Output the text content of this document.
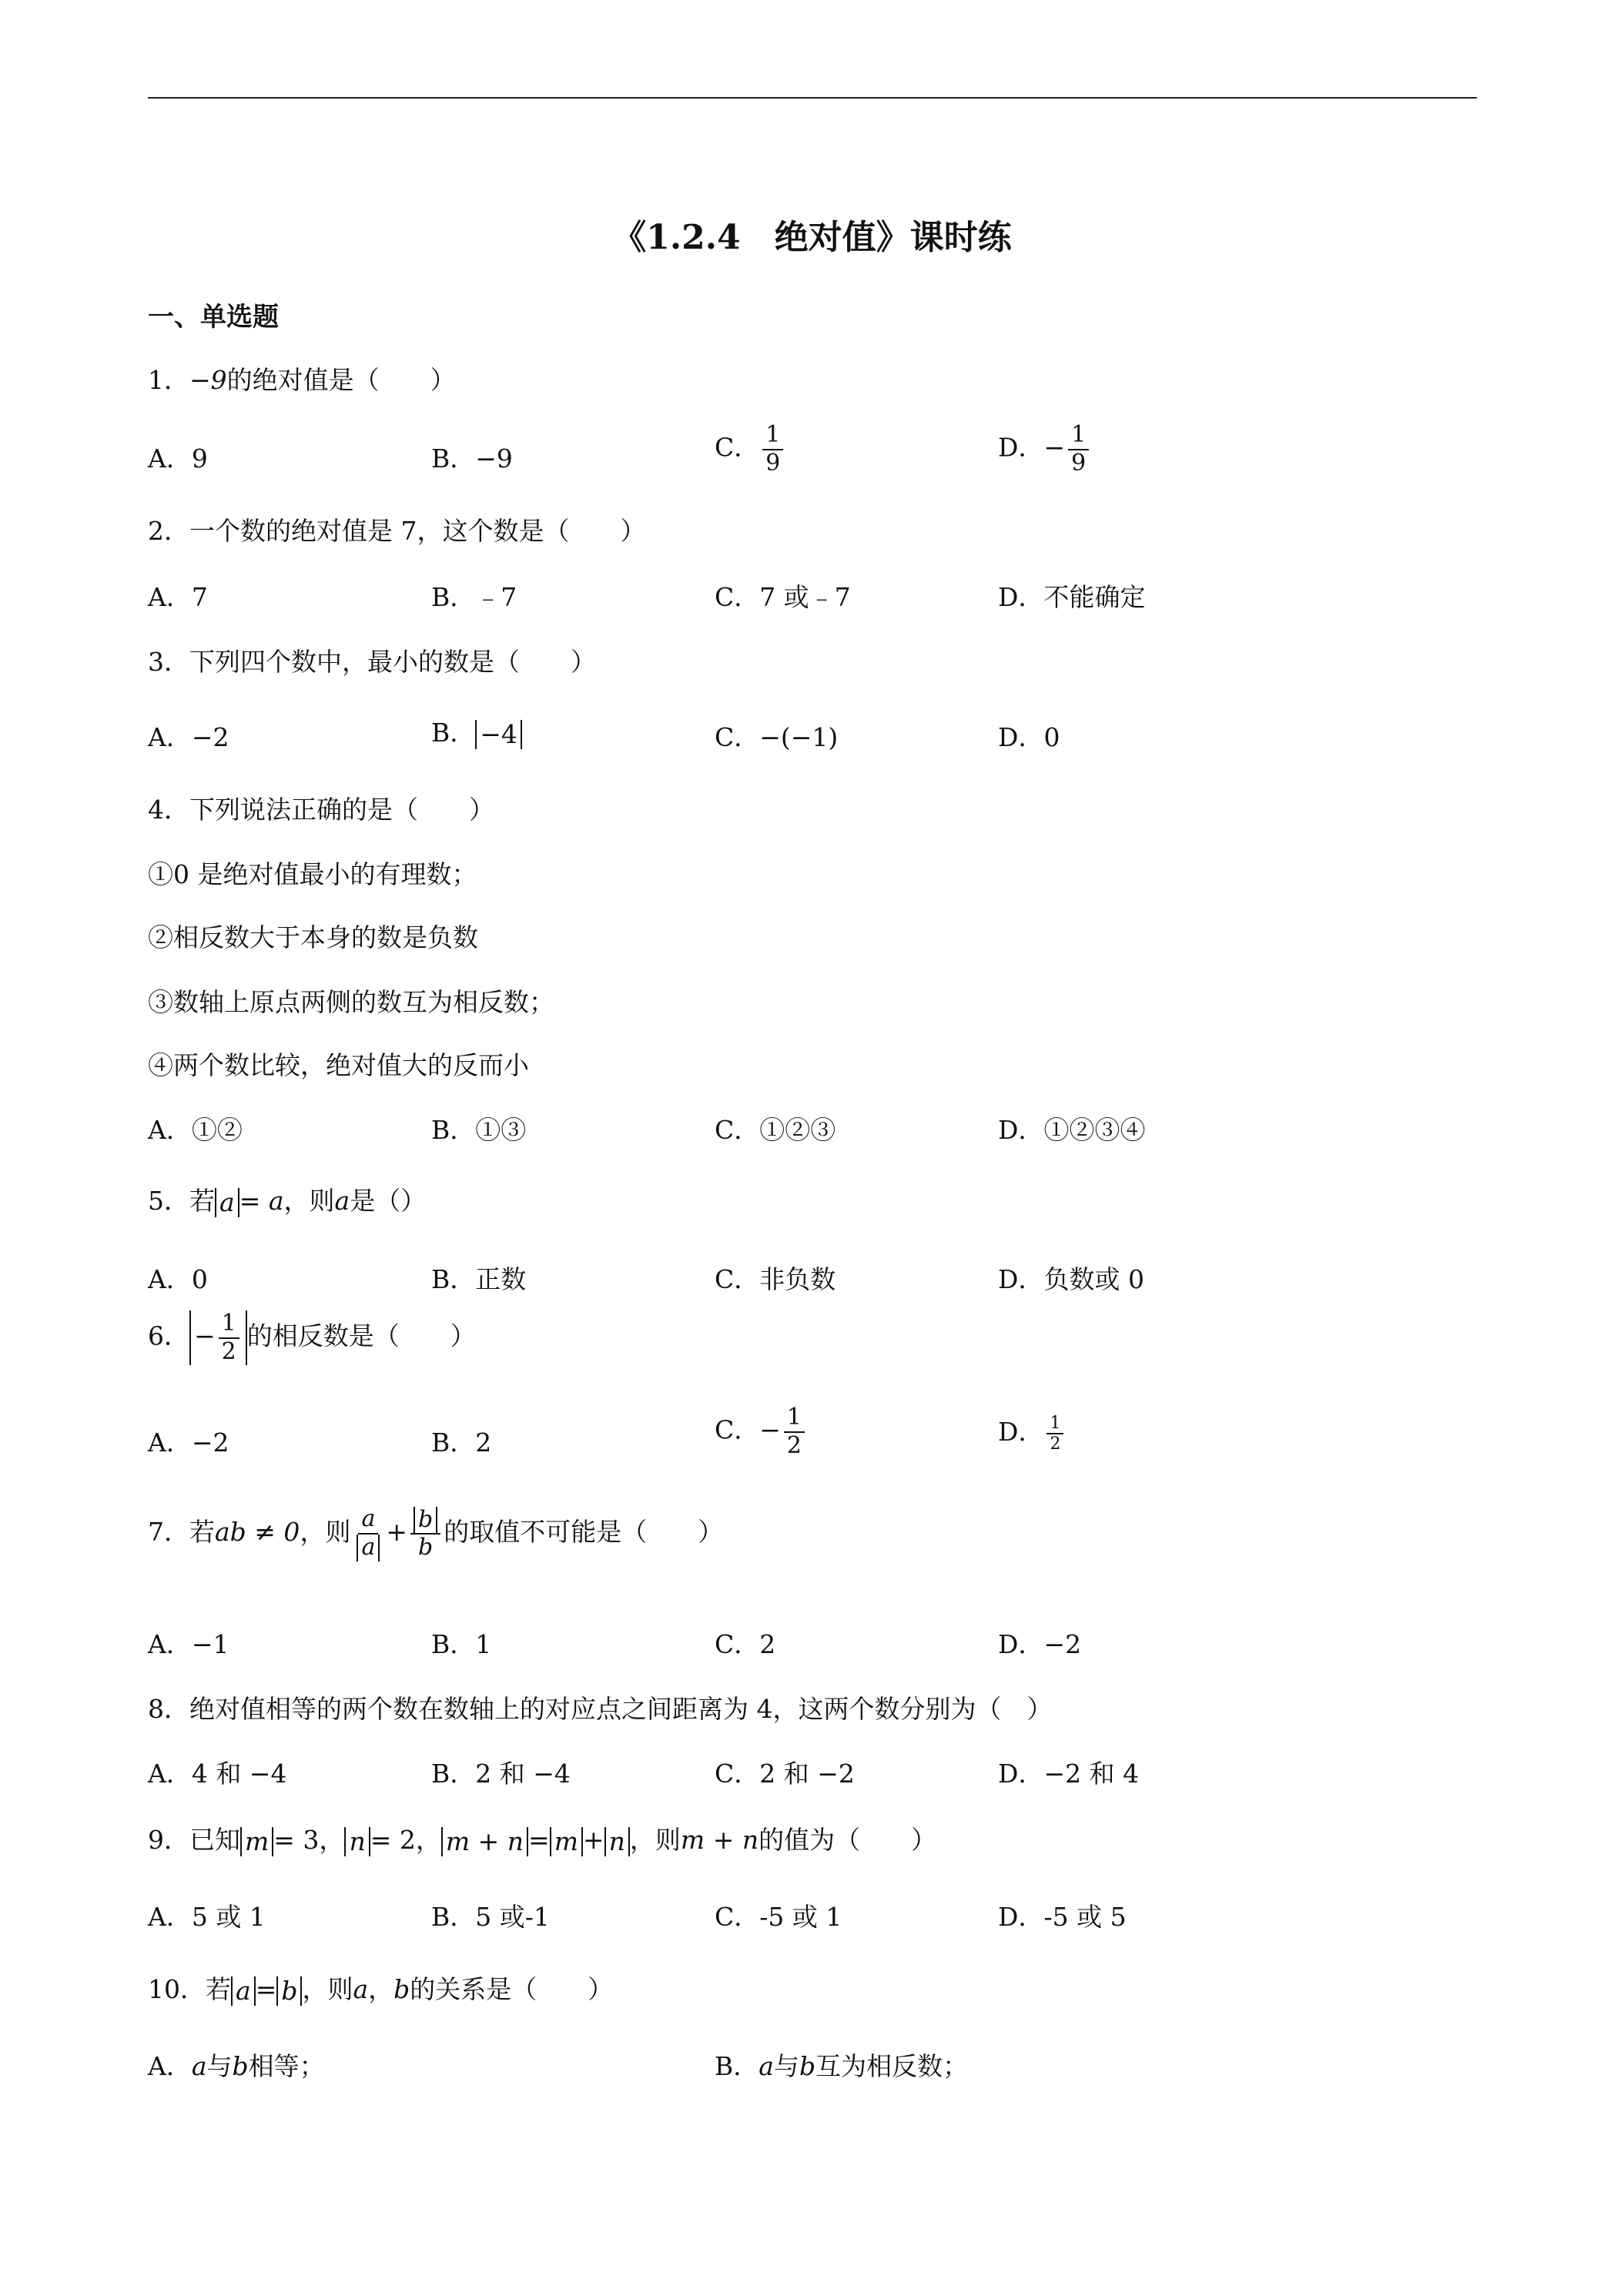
《1.2.4　绝对值》课时练
一、单选题
1．−9的绝对值是（　　）
A．9	B．−9	C． $\frac{1}{9}$	D．− $\frac{1}{9}$
2．一个数的绝对值是 7，这个数是（　　）
A．7	B．﹣7	C．7 或﹣7	D．不能确定
3．下列四个数中，最小的数是（　　）
A．−2	B． −4	C．−(−1)	D．0
4．下列说法正确的是（　　）
①0 是绝对值最小的有理数；
②相反数大于本身的数是负数
③数轴上原点两侧的数互为相反数；
④两个数比较，绝对值大的反而小
A．①②	B．①③	C．①②③	D．①②③④
5．若 a = a，则a是（）
A．0	B．正数	C．非负数	D．负数或 0
6． − $\frac{1}{2}$ 的相反数是（　　）
A．−2	B．2	C．− $\frac{1}{2}$	D． $\frac{1}{2}$
7．若ab ≠ 0，则 $\frac{a}{a} + \frac{b}{b}$ 的取值不可能是（　　）
A．−1	B．1	C．2	D．−2
8．绝对值相等的两个数在数轴上的对应点之间距离为 4，这两个数分别为（　）
A．4 和 −4	B．2 和 −4	C．2 和 −2	D．−2 和 4
9．已知 m = 3， n = 2， m + n = m + n ，则m + n的值为（　　）
A．5 或 1	B．5 或-1	C．-5 或 1	D．-5 或 5
10．若 a = b ，则a，b的关系是（　　）
A．a与b相等；	B．a与b互为相反数；
